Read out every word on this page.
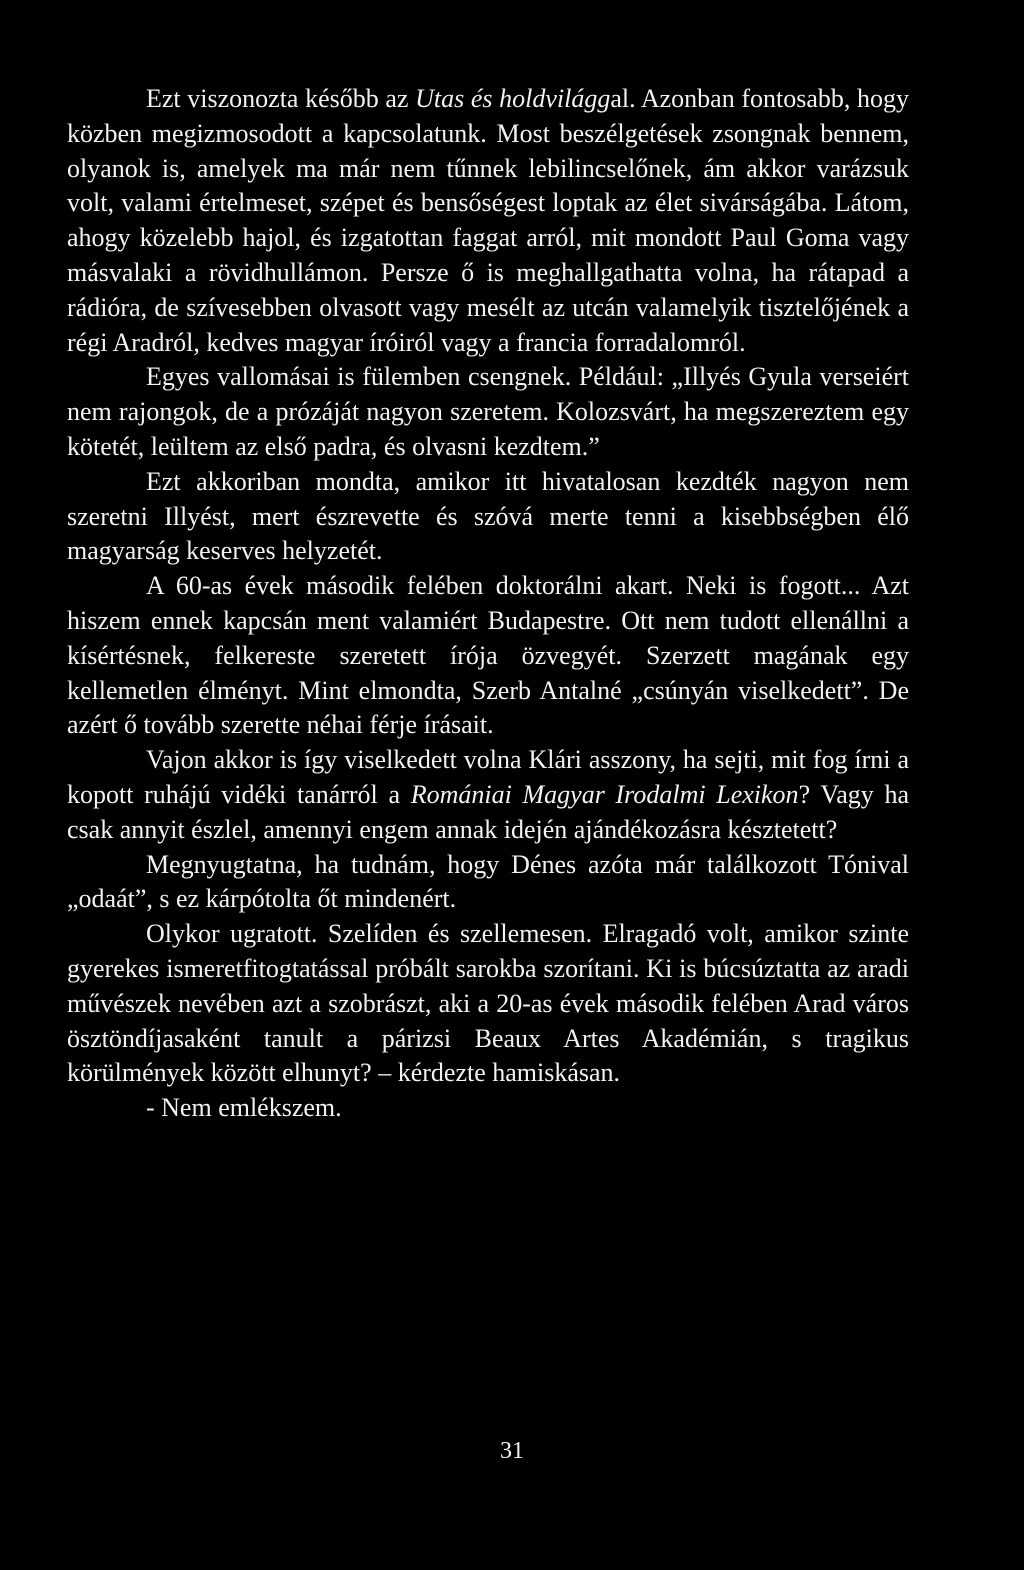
Ezt viszonozta később az Utas és holdvilággal. Azonban fontosabb, hogy közben megizmosodott a kapcsolatunk. Most beszélgetések zsongnak bennem, olyanok is, amelyek ma már nem tűnnek lebilincselőnek, ám akkor varázsuk volt, valami értelmeset, szépet és bensőségest loptak az élet sivárságába. Látom, ahogy közelebb hajol, és izgatottan faggat arról, mit mondott Paul Goma vagy másvalaki a rövidhullámon. Persze ő is meghallgathatta volna, ha rátapad a rádióra, de szívesebben olvasott vagy mesélt az utcán valamelyik tisztelőjének a régi Aradról, kedves magyar íróiról vagy a francia forradalomról.

Egyes vallomásai is fülemben csengnek. Például: „Illyés Gyula verseiért nem rajongok, de a prózáját nagyon szeretem. Kolozsvárt, ha megszereztem egy kötetét, leültem az első padra, és olvasni kezdtem.”

Ezt akkoriban mondta, amikor itt hivatalosan kezdték nagyon nem szeretni Illyést, mert észrevette és szóvá merte tenni a kisebbségben élő magyarság keserves helyzetét.

A 60-as évek második felében doktorálni akart. Neki is fogott... Azt hiszem ennek kapcsán ment valamiért Budapestre. Ott nem tudott ellenállni a kísértésnek, felkereste szeretett írója özvegyét. Szerzett magának egy kellemetlen élményt. Mint elmondta, Szerb Antalné „csúnyán viselkedett”. De azért ő tovább szerette néhai férje írásait.

Vajon akkor is így viselkedett volna Klári asszony, ha sejti, mit fog írni a kopott ruhájú vidéki tanárról a Romániai Magyar Irodalmi Lexikon? Vagy ha csak annyit észlel, amennyi engem annak idején ajándékozásra késztetett?

Megnyugtatna, ha tudnám, hogy Dénes azóta már találkozott Tónival „odaát”, s ez kárpótolta őt mindenért.

Olykor ugratott. Szelíden és szellemesen. Elragadó volt, amikor szinte gyerekes ismeretfitogtatással próbált sarokba szorítani. Ki is búcsúztatta az aradi művészek nevében azt a szobrászt, aki a 20-as évek második felében Arad város ösztöndíjasaként tanult a párizsi Beaux Artes Akadémián, s tragikus körülmények között elhunyt? – kérdezte hamiskásan.

- Nem emlékszem.

31
